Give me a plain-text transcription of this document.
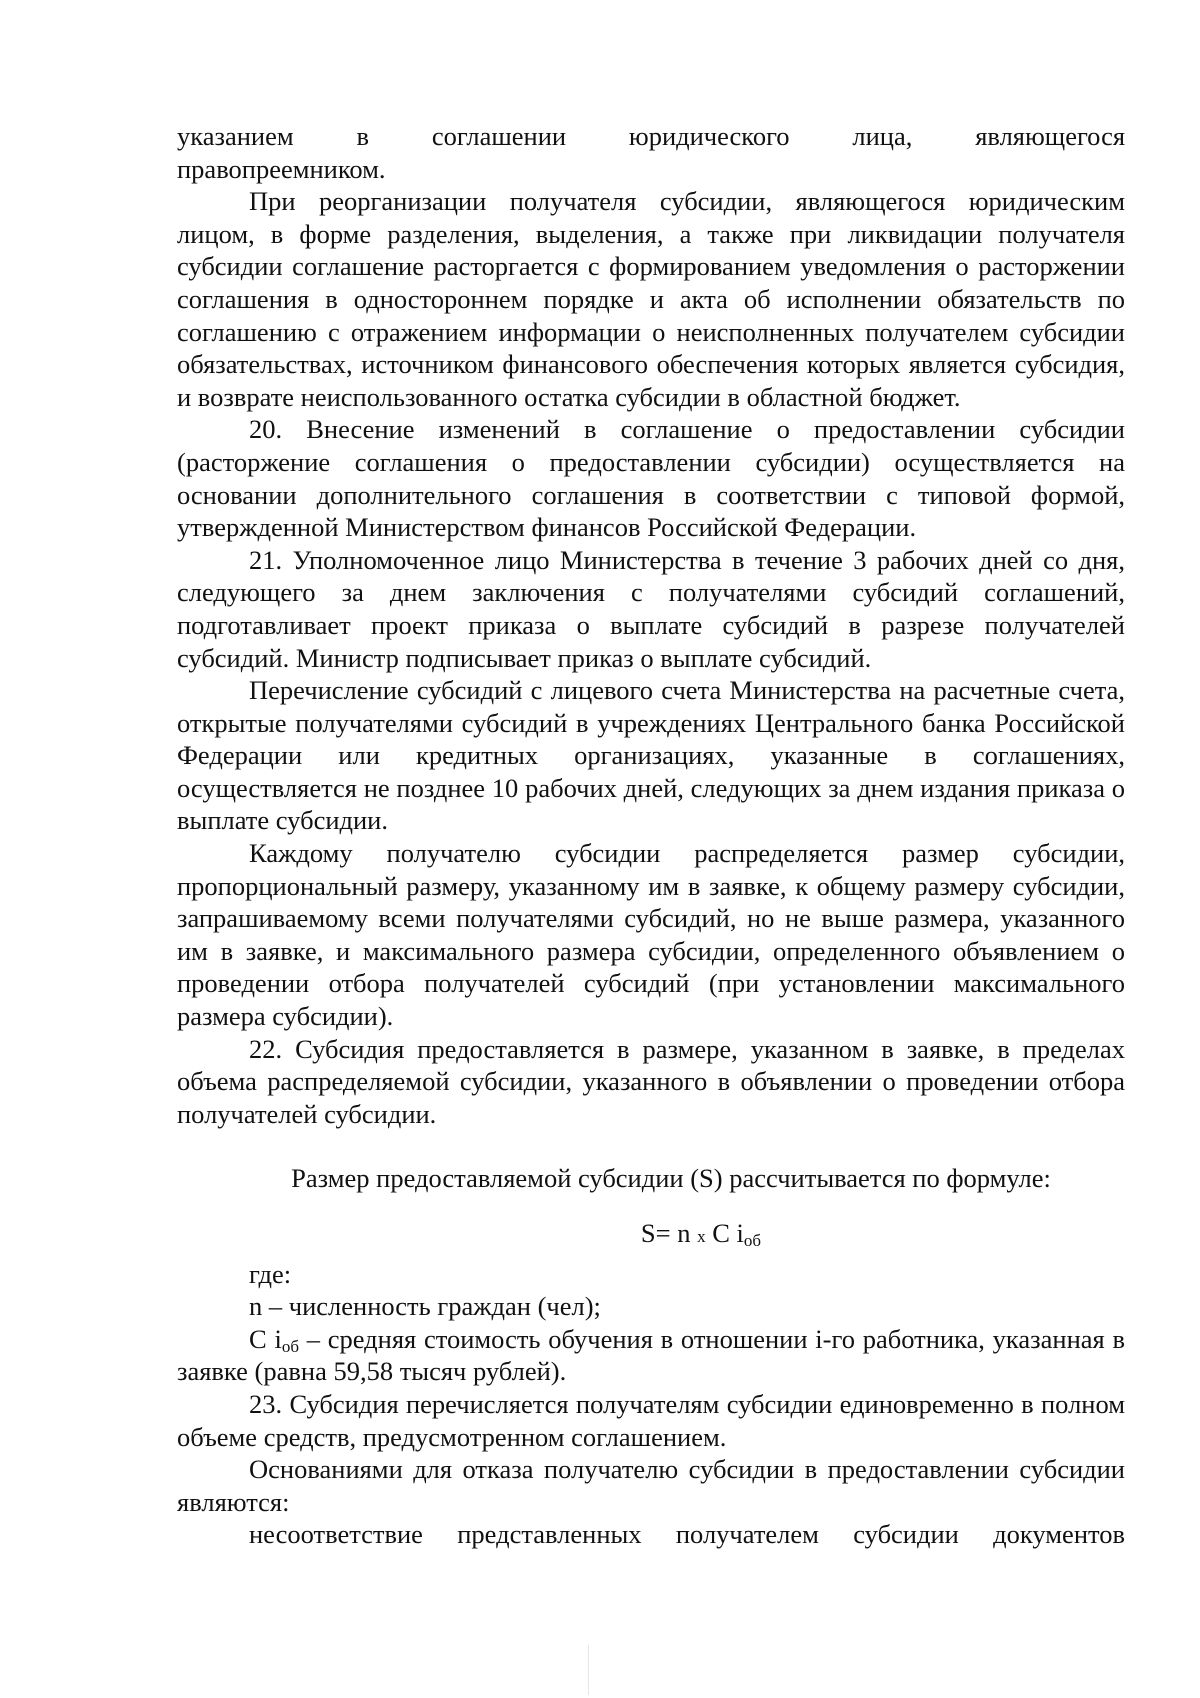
указанием в соглашении юридического лица, являющегося

правопреемником.

При реорганизации получателя субсидии, являющегося юридическим лицом, в форме разделения, выделения, а также при ликвидации получателя субсидии соглашение расторгается с формированием уведомления о расторжении соглашения в одностороннем порядке и акта об исполнении обязательств по соглашению с отражением информации о неисполненных получателем субсидии обязательствах, источником финансового обеспечения которых является субсидия, и возврате неиспользованного остатка субсидии в областной бюджет.

20. Внесение изменений в соглашение о предоставлении субсидии (расторжение соглашения о предоставлении субсидии) осуществляется на основании дополнительного соглашения в соответствии с типовой формой, утвержденной Министерством финансов Российской Федерации.

21. Уполномоченное лицо Министерства в течение 3 рабочих дней со дня, следующего за днем заключения с получателями субсидий соглашений, подготавливает проект приказа о выплате субсидий в разрезе получателей субсидий. Министр подписывает приказ о выплате субсидий.

Перечисление субсидий с лицевого счета Министерства на расчетные счета, открытые получателями субсидий в учреждениях Центрального банка Российской Федерации или кредитных организациях, указанные в соглашениях, осуществляется не позднее 10 рабочих дней, следующих за днем издания приказа о выплате субсидии.

Каждому получателю субсидии распределяется размер субсидии, пропорциональный размеру, указанному им в заявке, к общему размеру субсидии, запрашиваемому всеми получателями субсидий, но не выше размера, указанного им в заявке, и максимального размера субсидии, определенного объявлением о проведении отбора получателей субсидий (при установлении максимального размера субсидии).

22. Субсидия предоставляется в размере, указанном в заявке, в пределах объема распределяемой субсидии, указанного в объявлении о проведении отбора получателей субсидии.

Размер предоставляемой субсидии (S) рассчитывается по формуле:

S= n x C $i_{об}$

где:

n – численность граждан (чел);

C $i_{об}$ – средняя стоимость обучения в отношении i-го работника, указанная в заявке (равна 59,58 тысяч рублей).

23. Субсидия перечисляется получателям субсидии единовременно в полном объеме средств, предусмотренном соглашением.

Основаниями для отказа получателю субсидии в предоставлении субсидии являются:

несоответствие представленных получателем субсидии документов
